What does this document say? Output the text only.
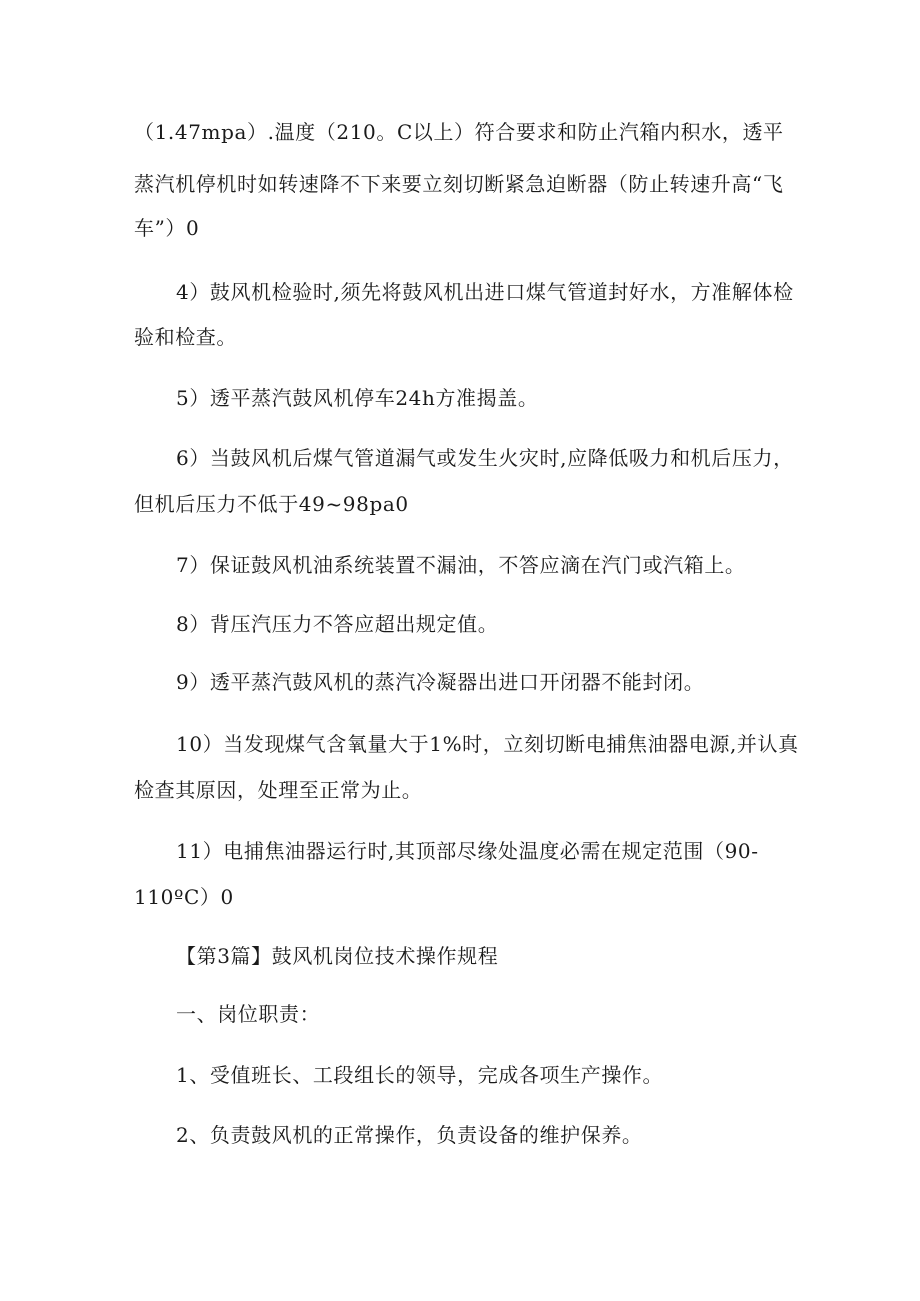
（1.47mpa）.温度（210。C以上）符合要求和防止汽箱内积水，透平
蒸汽机停机时如转速降不下来要立刻切断紧急迫断器（防止转速升高“飞
车”）0
4）鼓风机检验时,须先将鼓风机出进口煤气管道封好水，方准解体检
验和检查。
5）透平蒸汽鼓风机停车24h方准揭盖。
6）当鼓风机后煤气管道漏气或发生火灾时,应降低吸力和机后压力，
但机后压力不低于49~98pa0
7）保证鼓风机油系统装置不漏油，不答应滴在汽门或汽箱上。
8）背压汽压力不答应超出规定值。
9）透平蒸汽鼓风机的蒸汽冷凝器出进口开闭器不能封闭。
10）当发现煤气含氧量大于1%时，立刻切断电捕焦油器电源,并认真
检查其原因，处理至正常为止。
11）电捕焦油器运行时,其顶部尽缘处温度必需在规定范围（90-
110ºC）0
【第3篇】鼓风机岗位技术操作规程
一、岗位职责：
1、受值班长、工段组长的领导，完成各项生产操作。
2、负责鼓风机的正常操作，负责设备的维护保养。
